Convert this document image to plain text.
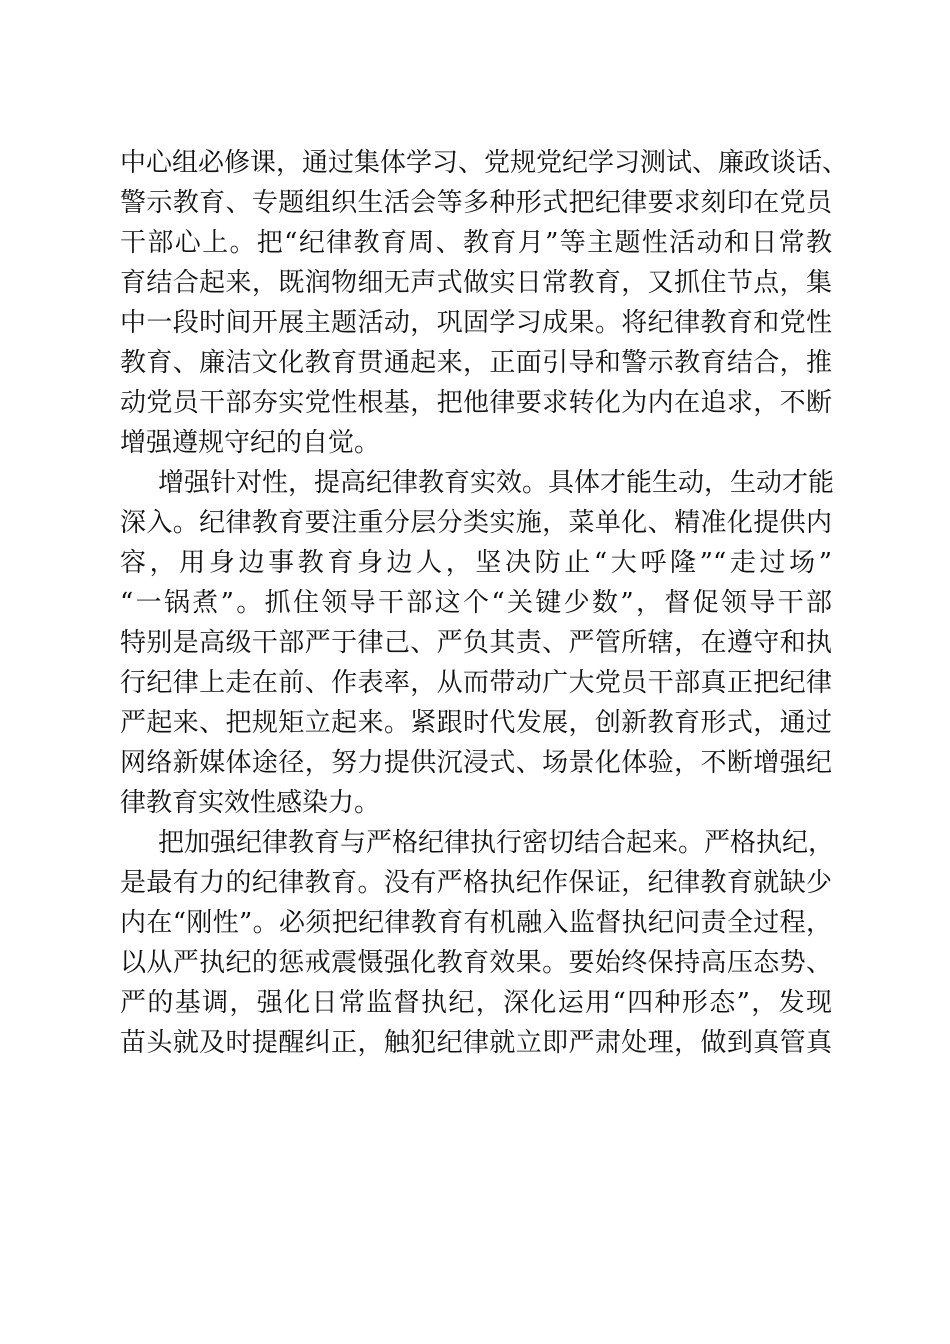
中心组必修课，通过集体学习、党规党纪学习测试、廉政谈话、
警示教育、专题组织生活会等多种形式把纪律要求刻印在党员
干部心上。把“纪律教育周、教育月”等主题性活动和日常教
育结合起来，既润物细无声式做实日常教育，又抓住节点，集
中一段时间开展主题活动，巩固学习成果。将纪律教育和党性
教育、廉洁文化教育贯通起来，正面引导和警示教育结合，推
动党员干部夯实党性根基，把他律要求转化为内在追求，不断
增强遵规守纪的自觉。
增强针对性，提高纪律教育实效。具体才能生动，生动才能
深入。纪律教育要注重分层分类实施，菜单化、精准化提供内
容，用身边事教育身边人，坚决防止“大呼隆”“走过场”
“一锅煮”。抓住领导干部这个“关键少数”，督促领导干部
特别是高级干部严于律己、严负其责、严管所辖，在遵守和执
行纪律上走在前、作表率，从而带动广大党员干部真正把纪律
严起来、把规矩立起来。紧跟时代发展，创新教育形式，通过
网络新媒体途径，努力提供沉浸式、场景化体验，不断增强纪
律教育实效性感染力。
把加强纪律教育与严格纪律执行密切结合起来。严格执纪，
是最有力的纪律教育。没有严格执纪作保证，纪律教育就缺少
内在“刚性”。必须把纪律教育有机融入监督执纪问责全过程，
以从严执纪的惩戒震慑强化教育效果。要始终保持高压态势、
严的基调，强化日常监督执纪，深化运用“四种形态”，发现
苗头就及时提醒纠正，触犯纪律就立即严肃处理，做到真管真
